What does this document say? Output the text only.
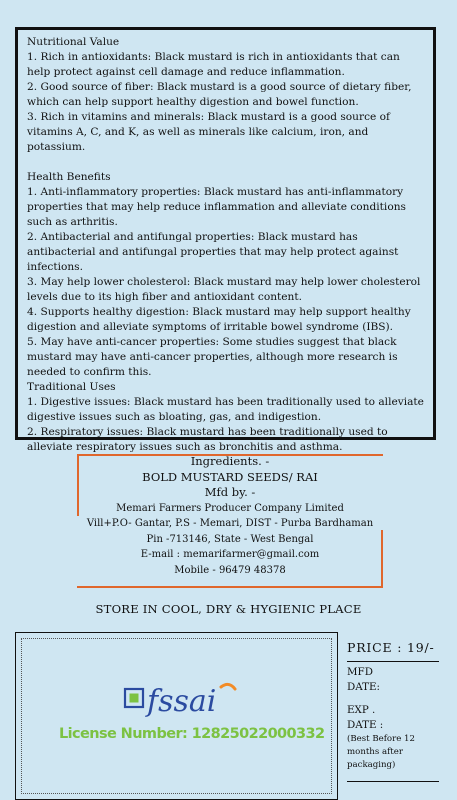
Nutritional Value
1. Rich in antioxidants: Black mustard is rich in antioxidants that can help protect against cell damage and reduce inflammation.
2. Good source of fiber: Black mustard is a good source of dietary fiber, which can help support healthy digestion and bowel function.
3. Rich in vitamins and minerals: Black mustard is a good source of vitamins A, C, and K, as well as minerals like calcium, iron, and potassium.
Health Benefits
1. Anti-inflammatory properties: Black mustard has anti-inflammatory properties that may help reduce inflammation and alleviate conditions such as arthritis.
2. Antibacterial and antifungal properties: Black mustard has antibacterial and antifungal properties that may help protect against infections.
3. May help lower cholesterol: Black mustard may help lower cholesterol levels due to its high fiber and antioxidant content.
4. Supports healthy digestion: Black mustard may help support healthy digestion and alleviate symptoms of irritable bowel syndrome (IBS).
5. May have anti-cancer properties: Some studies suggest that black mustard may have anti-cancer properties, although more research is needed to confirm this.
Traditional Uses
1. Digestive issues: Black mustard has been traditionally used to alleviate digestive issues such as bloating, gas, and indigestion.
2. Respiratory issues: Black mustard has been traditionally used to alleviate respiratory issues such as bronchitis and asthma.
Ingredients. -
BOLD MUSTARD SEEDS/ RAI
Mfd by. -
Memari Farmers Producer Company Limited
Vill+P.O- Gantar, P.S - Memari, DIST - Purba Bardhaman
Pin -713146, State - West Bengal
E-mail : memarifarmer@gmail.com
Mobile - 96479 48378
STORE IN COOL, DRY & HYGIENIC PLACE
fssai
License Number: 12825022000332
PRICE : 19/-
MFD
DATE:
EXP .
DATE :
(Best Before 12 months after packaging)
